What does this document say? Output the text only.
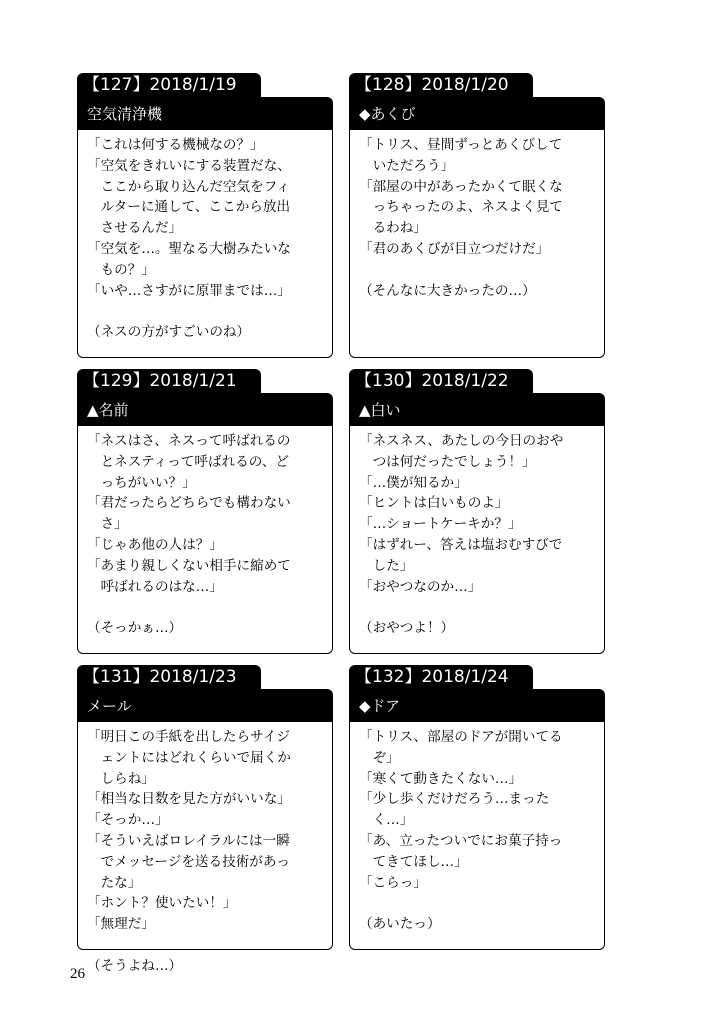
【127】2018/1/19
空気清浄機
「これは何する機械なの？」
「空気をきれいにする装置だな、
　ここから取り込んだ空気をフィ
　ルターに通して、ここから放出
　させるんだ」
「空気を…。聖なる大樹みたいな
　もの？」
「いや…さすがに原罪までは…」
（ネスの方がすごいのね）
【128】2018/1/20
◆あくび
「トリス、昼間ずっとあくびして
　いただろう」
「部屋の中があったかくて眠くな
　っちゃったのよ、ネスよく見て
　るわね」
「君のあくびが目立つだけだ」
（そんなに大きかったの…）
【129】2018/1/21
▲名前
「ネスはさ、ネスって呼ばれるの
　とネスティって呼ばれるの、ど
　っちがいい？」
「君だったらどちらでも構わない
　さ」
「じゃあ他の人は？」
「あまり親しくない相手に縮めて
　呼ばれるのはな…」
（そっかぁ…）
【130】2018/1/22
▲白い
「ネスネス、あたしの今日のおや
　つは何だったでしょう！」
「…僕が知るか」
「ヒントは白いものよ」
「…ショートケーキか？」
「はずれー、答えは塩おむすびで
　した」
「おやつなのか…」
（おやつよ！）
【131】2018/1/23
メール
「明日この手紙を出したらサイジ
　ェントにはどれくらいで届くか
　しらね」
「相当な日数を見た方がいいな」
「そっか…」
「そういえばロレイラルには一瞬
　でメッセージを送る技術があっ
　たな」
「ホント？使いたい！」
「無理だ」
（そうよね…）
【132】2018/1/24
◆ドア
「トリス、部屋のドアが開いてる
　ぞ」
「寒くて動きたくない…」
「少し歩くだけだろう…まった
　く…」
「あ、立ったついでにお菓子持っ
　てきてほし…」
「こらっ」
（あいたっ）
26
